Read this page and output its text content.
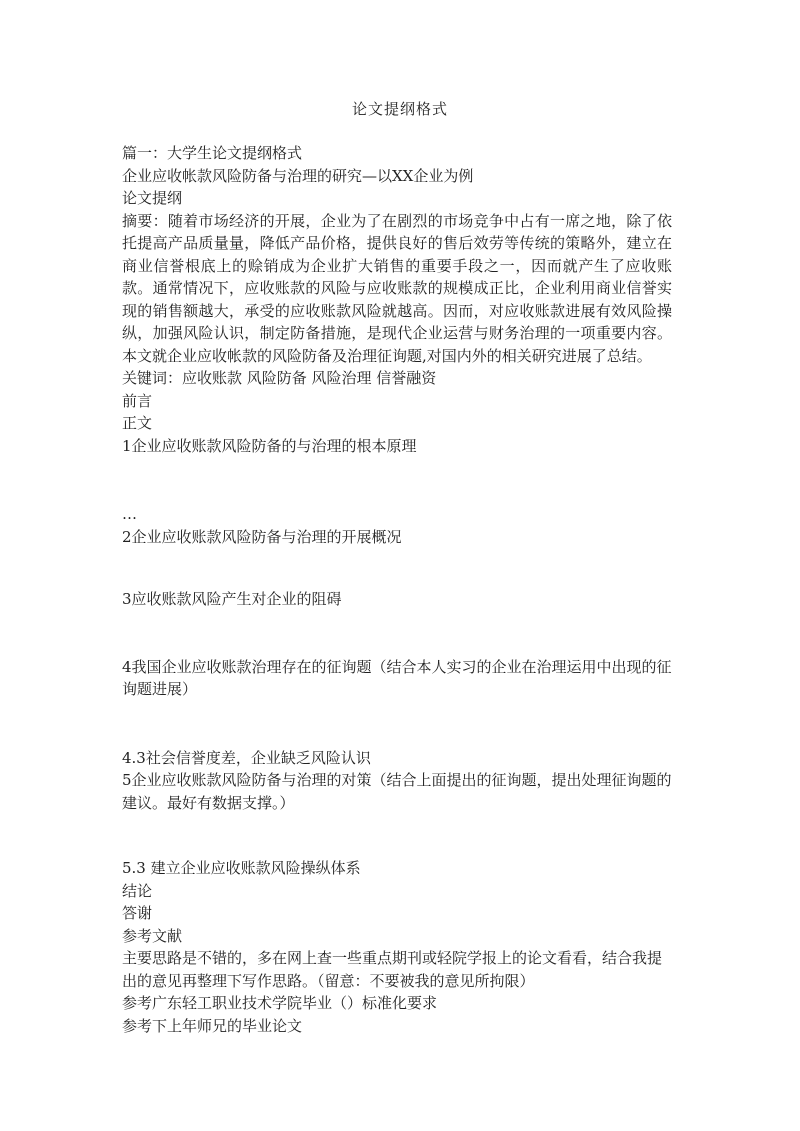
论文提纲格式

篇一：大学生论文提纲格式

企业应收帐款风险防备与治理的研究—以XX企业为例

论文提纲

摘要：随着市场经济的开展，企业为了在剧烈的市场竞争中占有一席之地，除了依托提高产品质量量，降低产品价格，提供良好的售后效劳等传统的策略外，建立在商业信誉根底上的赊销成为企业扩大销售的重要手段之一，因而就产生了应收账款。通常情况下，应收账款的风险与应收账款的规模成正比，企业利用商业信誉实现的销售额越大，承受的应收账款风险就越高。因而，对应收账款进展有效风险操纵，加强风险认识，制定防备措施，是现代企业运营与财务治理的一项重要内容。本文就企业应收帐款的风险防备及治理征询题,对国内外的相关研究进展了总结。

关键词：应收账款 风险防备 风险治理 信誉融资

前言

正文

1企业应收账款风险防备的与治理的根本原理

…

2企业应收账款风险防备与治理的开展概况

3应收账款风险产生对企业的阻碍

4我国企业应收账款治理存在的征询题（结合本人实习的企业在治理运用中出现的征询题进展）

4.3社会信誉度差，企业缺乏风险认识

5企业应收账款风险防备与治理的对策（结合上面提出的征询题，提出处理征询题的建议。最好有数据支撑。）

5.3 建立企业应收账款风险操纵体系

结论

答谢

参考文献

主要思路是不错的，多在网上查一些重点期刊或轻院学报上的论文看看，结合我提出的意见再整理下写作思路。（留意：不要被我的意见所拘限）

参考广东轻工职业技术学院毕业（）标准化要求

参考下上年师兄的毕业论文
